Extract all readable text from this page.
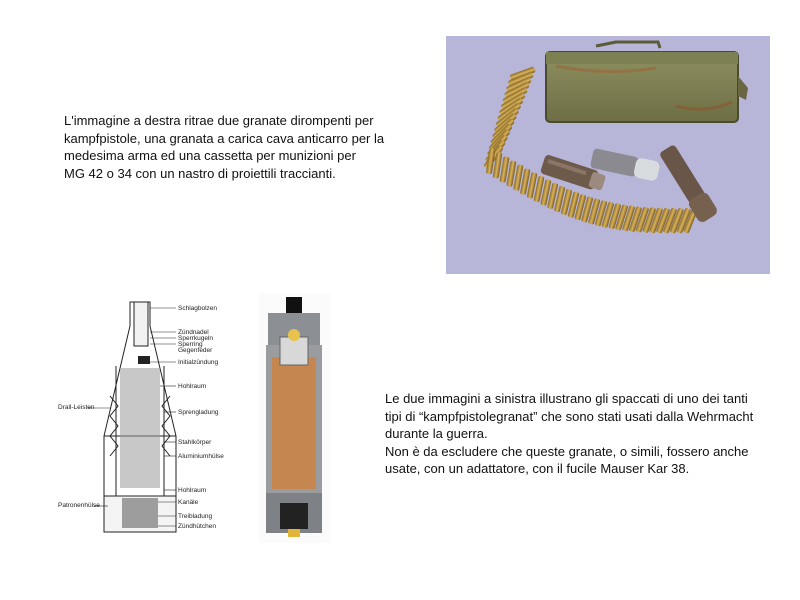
L'immagine a destra ritrae due granate dirompenti per

kampfpistole, una granata a carica cava anticarro per la

medesima arma ed una cassetta per munizioni per

MG 42 o 34 con un nastro di proiettili traccianti.

Schlagbolzen
Zündnadel
Sperrkugeln
Sperring
Gegenfeder
Initialzündung
Hohlraum
Drall-Leisten
Sprengladung
Stahlkörper
Aluminiumhülse
Hohlraum
Patronenhülse	Kanäle
Treibladung
Zündhütchen

Le due immagini a sinistra illustrano gli spaccati di uno dei tanti

tipi di “kampfpistolegranat” che sono stati usati dalla Wehrmacht

durante la guerra.

Non è da escludere che queste granate, o simili, fossero anche

usate, con un adattatore, con il fucile Mauser Kar 38.
